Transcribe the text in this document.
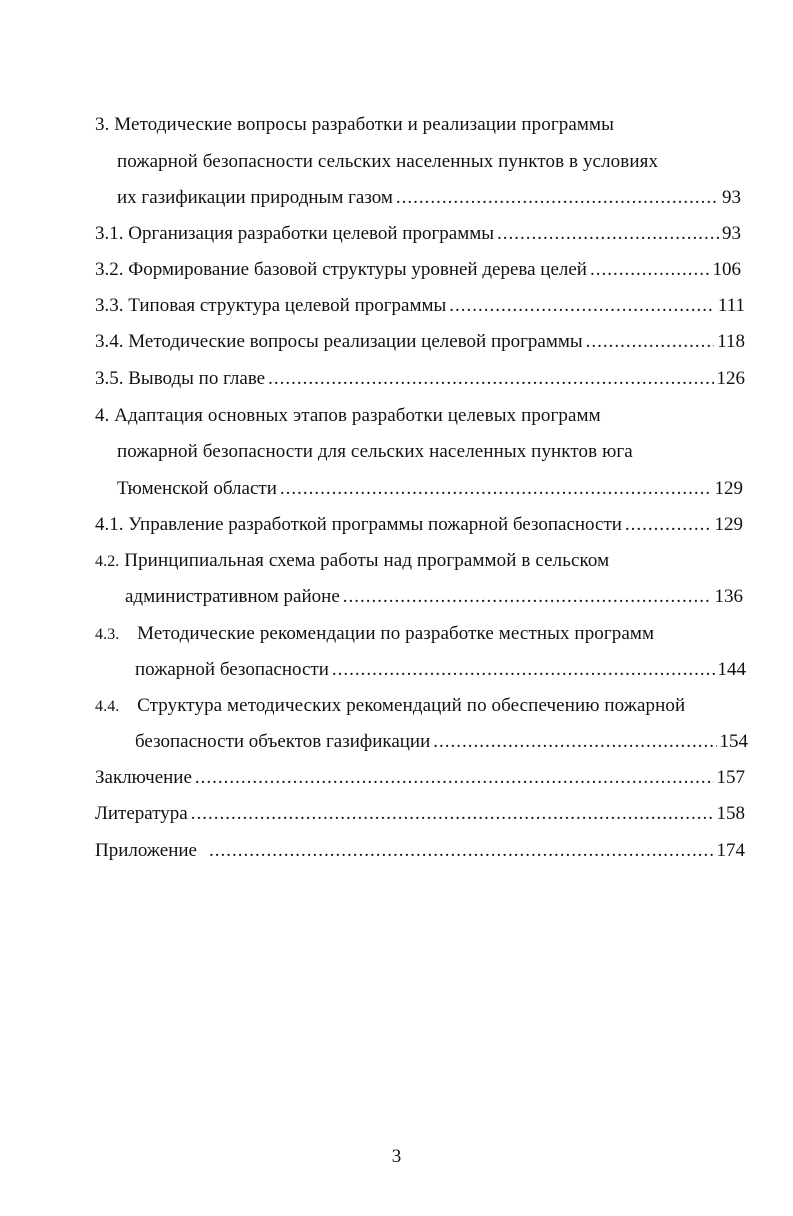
3. Методические вопросы разработки и реализации программы
пожарной безопасности сельских населенных пунктов в условиях
их газификации природным газом .....	93
3.1. Организация разработки целевой программы .....	93
3.2. Формирование базовой структуры уровней дерева целей .....	106
3.3. Типовая структура целевой программы .....	111
3.4. Методические вопросы реализации целевой программы .....	118
3.5. Выводы по главе .....	126
4. Адаптация основных этапов разработки целевых программ
пожарной безопасности для сельских населенных пунктов юга
Тюменской области .....	129
4.1. Управление разработкой программы пожарной безопасности .....	129
4.2. Принципиальная схема работы над программой в сельском
административном районе .....	136
4.3. Методические рекомендации по разработке местных программ
пожарной безопасности .....	144
4.4. Структура методических рекомендаций по обеспечению пожарной
безопасности объектов газификации .....	154
Заключение .....	157
Литература .....	158
Приложение .....	174
3
